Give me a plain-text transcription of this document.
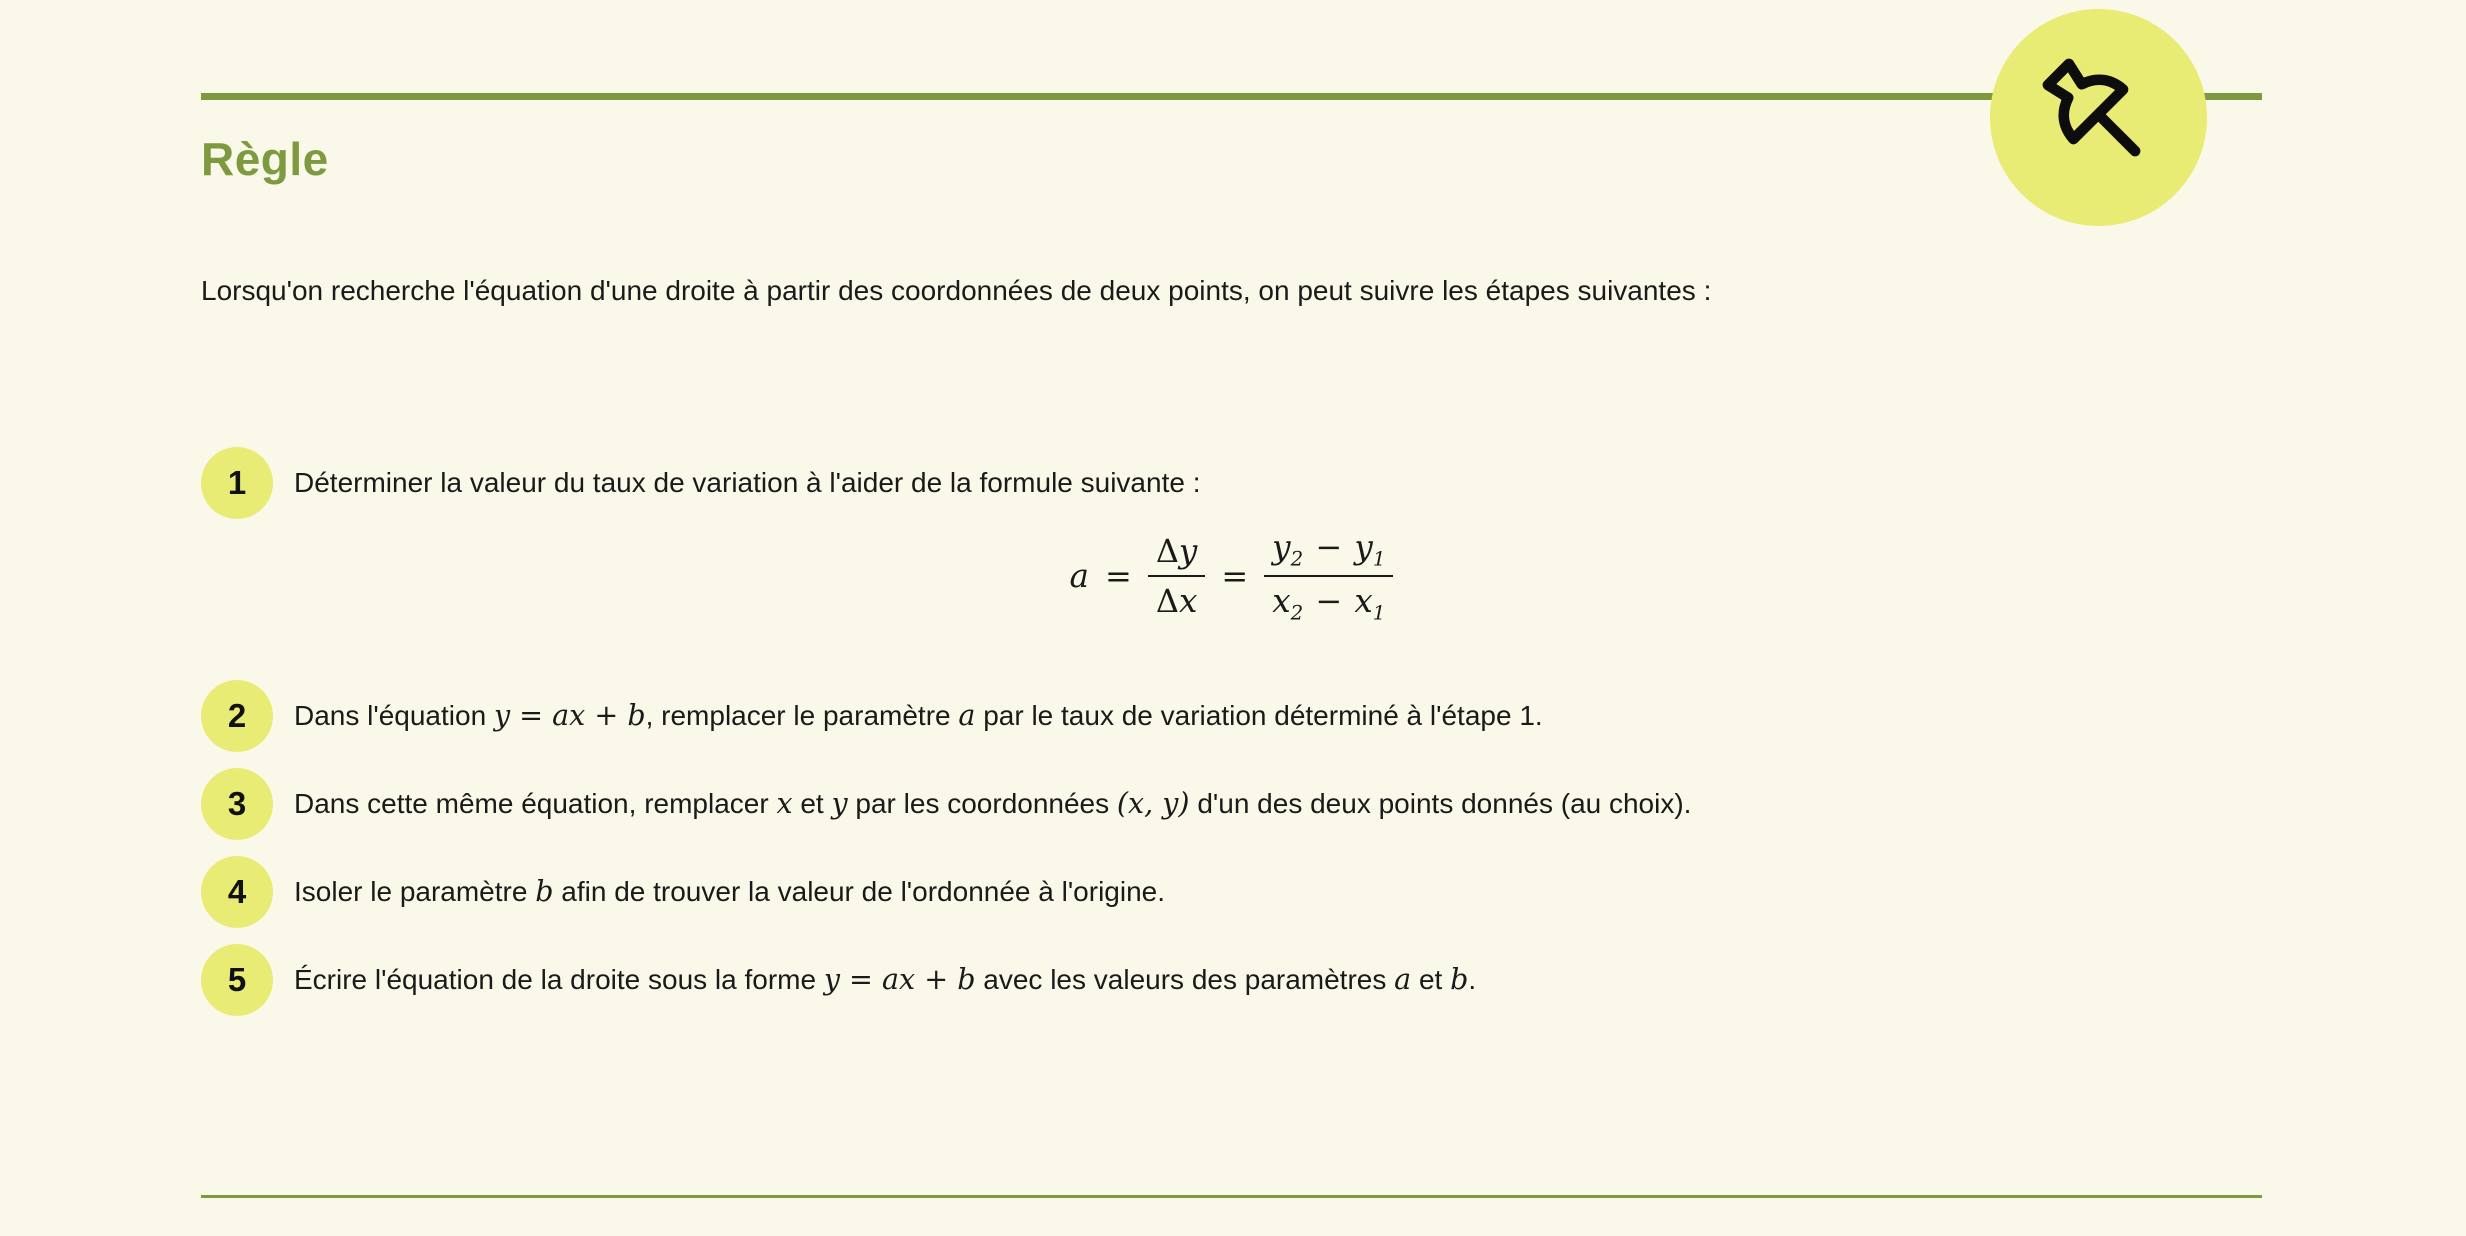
Règle
Lorsqu'on recherche l'équation d'une droite à partir des coordonnées de deux points, on peut suivre les étapes suivantes :
1	Déterminer la valeur du taux de variation à l'aider de la formule suivante :
$a = \frac{\Delta y}{\Delta x} = \frac{y_2 - y_1}{x_2 - x_1}$
2	Dans l'équation y = ax + b, remplacer le paramètre a par le taux de variation déterminé à l'étape 1.
3	Dans cette même équation, remplacer x et y par les coordonnées (x, y) d'un des deux points donnés (au choix).
4	Isoler le paramètre b afin de trouver la valeur de l'ordonnée à l'origine.
5	Écrire l'équation de la droite sous la forme y = ax + b avec les valeurs des paramètres a et b.
